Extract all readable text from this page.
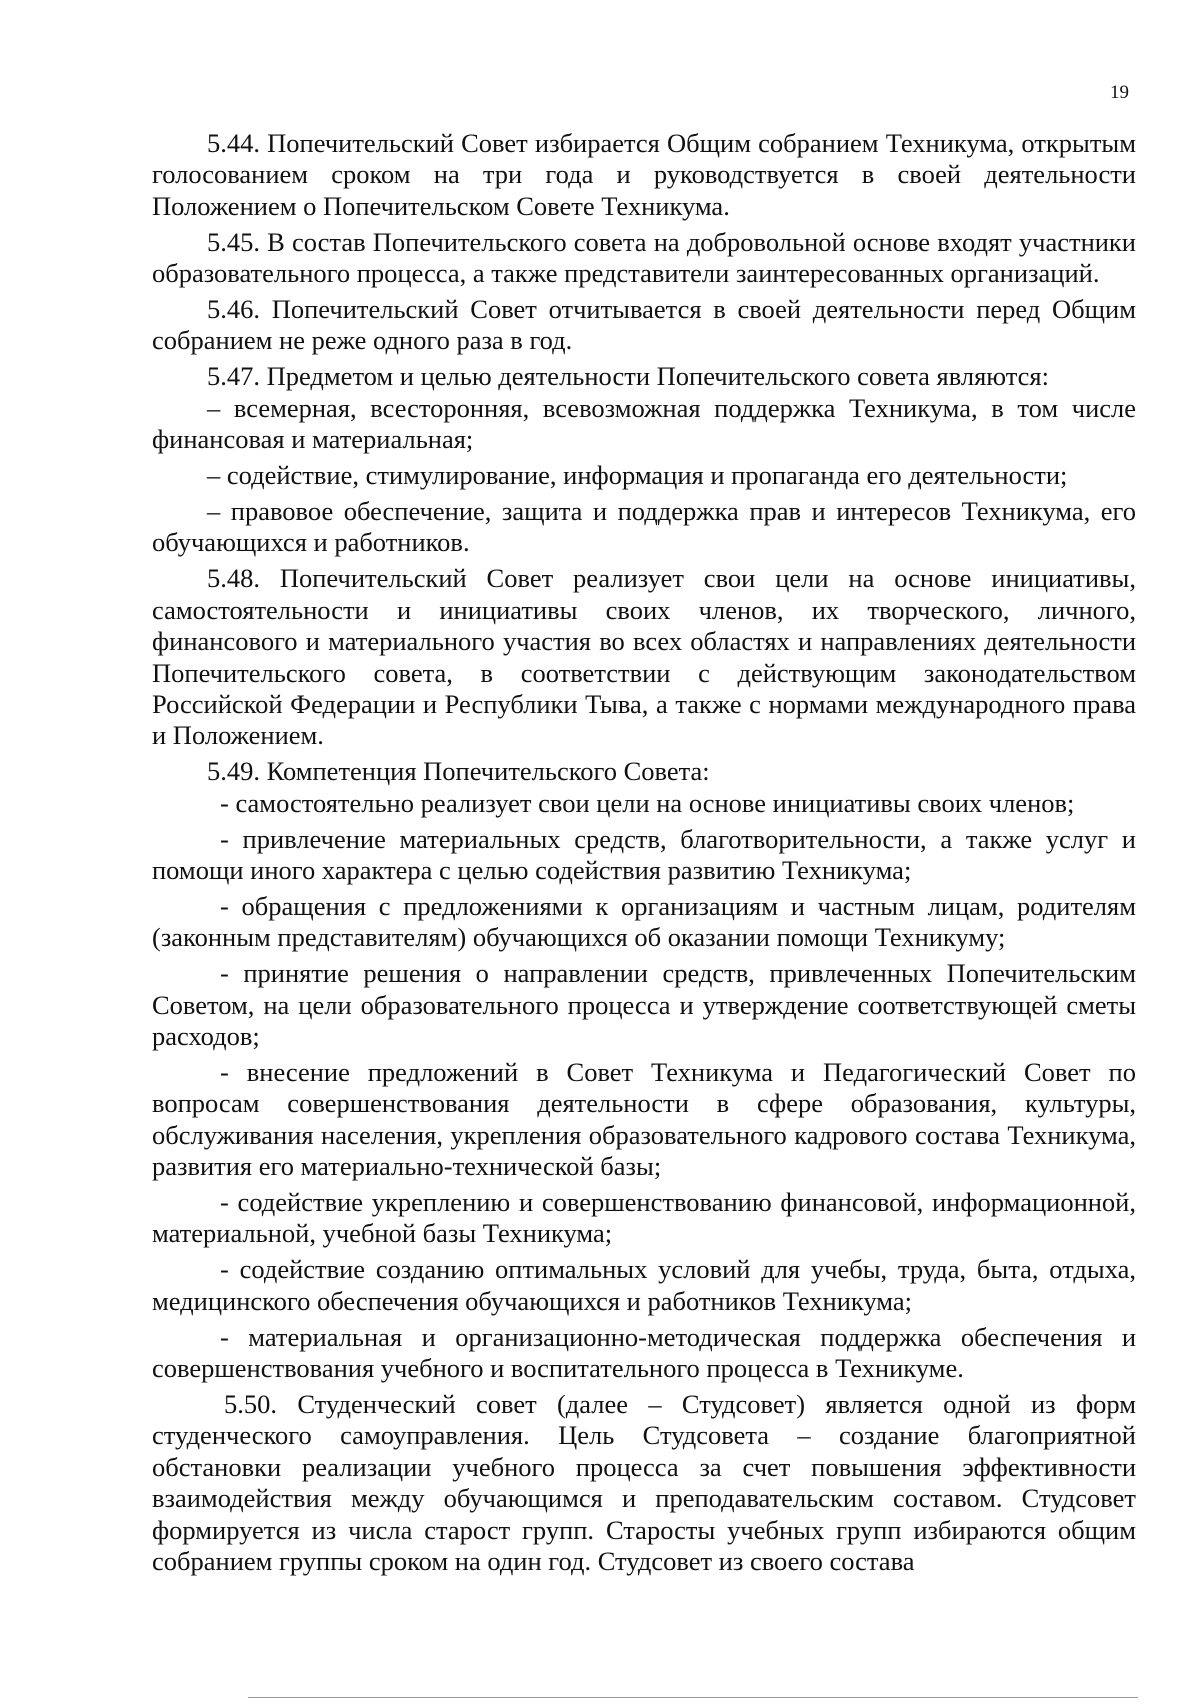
19

5.44. Попечительский Совет избирается Общим собранием Техникума, открытым голосованием сроком на три года и руководствуется в своей деятельности Положением о Попечительском Совете Техникума.

5.45. В состав Попечительского совета на добровольной основе входят участники образовательного процесса, а также представители заинтересованных организаций.

5.46. Попечительский Совет отчитывается в своей деятельности перед Общим собранием не реже одного раза в год.

5.47. Предметом и целью деятельности Попечительского совета являются:

– всемерная, всесторонняя, всевозможная поддержка Техникума, в том числе финансовая и материальная;

– содействие, стимулирование, информация и пропаганда его деятельности;

– правовое обеспечение, защита и поддержка прав и интересов Техникума, его обучающихся и работников.

5.48. Попечительский Совет реализует свои цели на основе инициативы, самостоятельности и инициативы своих членов, их творческого, личного, финансового и материального участия во всех областях и направлениях деятельности Попечительского совета, в соответствии с действующим законодательством Российской Федерации и Республики Тыва, а также с нормами международного права и Положением.

5.49. Компетенция Попечительского Совета:

- самостоятельно реализует свои цели на основе инициативы своих членов;

- привлечение материальных средств, благотворительности, а также услуг и помощи иного характера с целью содействия развитию Техникума;

- обращения с предложениями к организациям и частным лицам, родителям (законным представителям) обучающихся об оказании помощи Техникуму;

- принятие решения о направлении средств, привлеченных Попечительским Советом, на цели образовательного процесса и утверждение соответствующей сметы расходов;

- внесение предложений в Совет Техникума и Педагогический Совет по вопросам совершенствования деятельности в сфере образования, культуры, обслуживания населения, укрепления образовательного кадрового состава Техникума, развития его материально-технической базы;

- содействие укреплению и совершенствованию финансовой, информационной, материальной, учебной базы Техникума;

- содействие созданию оптимальных условий для учебы, труда, быта, отдыха, медицинского обеспечения обучающихся и работников Техникума;

- материальная и организационно-методическая поддержка обеспечения и совершенствования учебного и воспитательного процесса в Техникуме.

5.50. Студенческий совет (далее – Студсовет) является одной из форм студенческого самоуправления. Цель Студсовета – создание благоприятной обстановки реализации учебного процесса за счет повышения эффективности взаимодействия между обучающимся и преподавательским составом. Студсовет формируется из числа старост групп. Старосты учебных групп избираются общим собранием группы сроком на один год. Студсовет из своего состава
